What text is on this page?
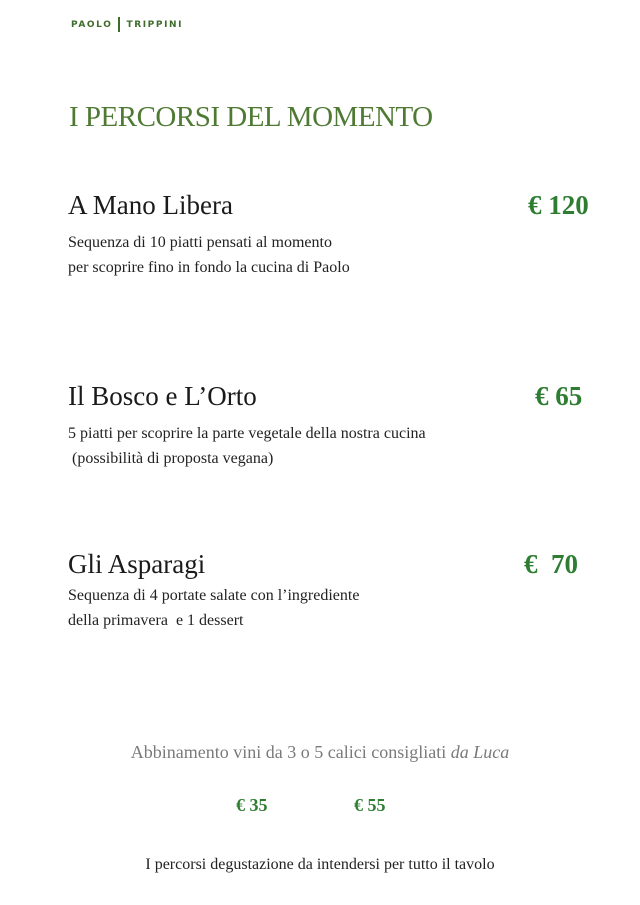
PAOLO TRIPPINI
I PERCORSI DEL MOMENTO
A Mano Libera	€ 120
Sequenza di 10 piatti pensati al momento
per scoprire fino in fondo la cucina di Paolo
Il Bosco e L’Orto	€ 65
5 piatti per scoprire la parte vegetale della nostra cucina
(possibilità di proposta vegana)
Gli Asparagi	€  70
Sequenza di 4 portate salate con l’ingrediente
della primavera  e 1 dessert
Abbinamento vini da 3 o 5 calici consigliati da Luca
€ 35	€ 55
I percorsi degustazione da intendersi per tutto il tavolo
